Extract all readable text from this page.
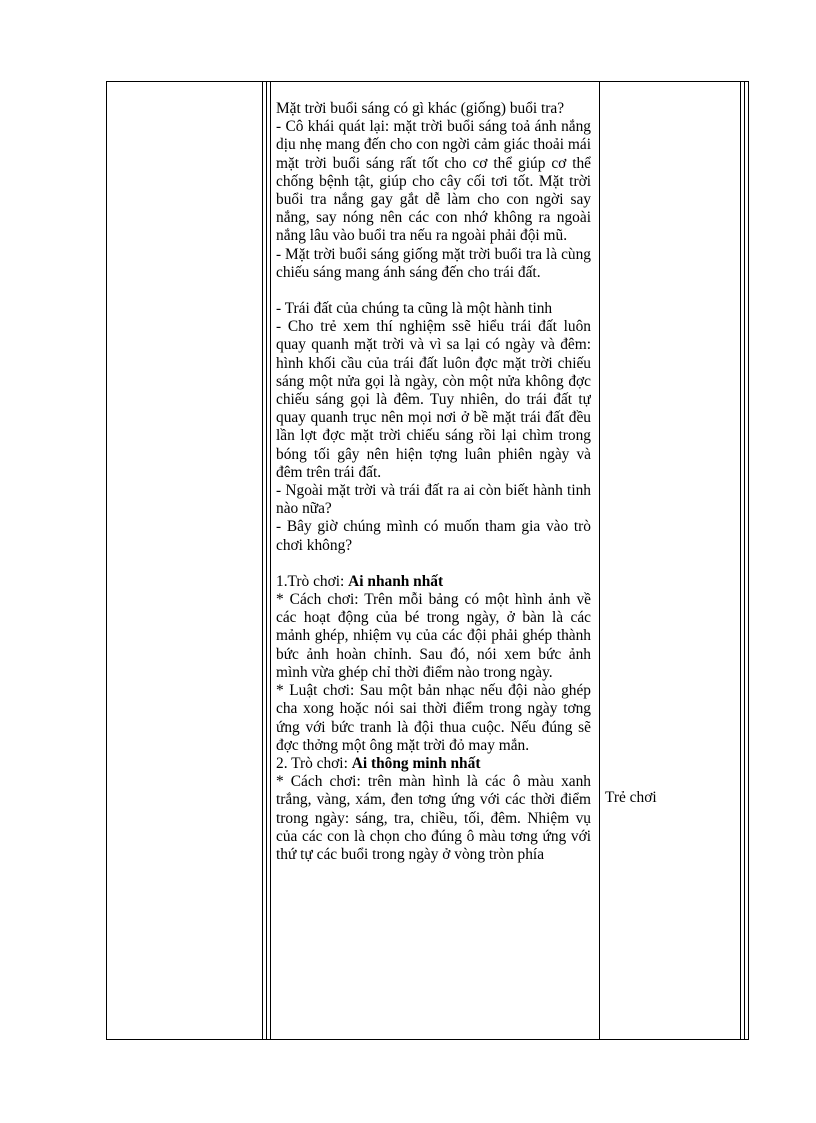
Mặt trời buổi sáng có gì khác (giống) buổi tra?

- Cô khái quát lại: mặt trời buổi sáng toả ánh nắng dịu nhẹ mang đến cho con ngời cảm giác thoải mái mặt trời buổi sáng rất tốt cho cơ thể giúp cơ thể chống bệnh tật, giúp cho cây cối tơi tốt. Mặt trời buổi tra nắng gay gắt dễ làm cho con ngời say nắng, say nóng nên các con nhớ không ra ngoài nắng lâu vào buổi tra nếu ra ngoài phải đội mũ.

- Mặt trời buổi sáng giống mặt trời buổi tra là cùng chiếu sáng mang ánh sáng đến cho trái đất.

- Trái đất của chúng ta cũng là một hành tinh

- Cho trẻ xem thí nghiệm ssẽ hiểu trái đất luôn quay quanh mặt trời và vì sa lại có ngày và đêm: hình khối cầu của trái đất luôn đợc mặt trời chiếu sáng một nửa gọi là ngày, còn một nửa không đợc chiếu sáng gọi là đêm. Tuy nhiên, do trái đất tự quay quanh trục nên mọi nơi ở bề mặt trái đất đều lần lợt đợc mặt trời chiếu sáng rồi lại chìm trong bóng tối gây nên hiện tợng luân phiên ngày và đêm trên trái đất.

- Ngoài mặt trời và trái đất ra ai còn biết hành tinh nào nữa?

- Bây giờ chúng mình có muốn tham gia vào trò chơi không?

1.Trò chơi: Ai nhanh nhất

* Cách chơi: Trên mỗi bảng có một hình ảnh về các hoạt động của bé trong ngày, ở bàn là các mảnh ghép, nhiệm vụ của các đội phải ghép thành bức ảnh hoàn chỉnh. Sau đó, nói xem bức ảnh mình vừa ghép chỉ thời điểm nào trong ngày.

* Luật chơi: Sau một bản nhạc nếu đội nào ghép cha xong hoặc nói sai thời điểm trong ngày tơng ứng với bức tranh là đội thua cuộc. Nếu đúng sẽ đợc thởng một ông mặt trời đỏ may mắn.

2. Trò chơi: Ai thông minh nhất

* Cách chơi: trên màn hình là các ô màu xanh trắng, vàng, xám, đen tơng ứng với các thời điểm trong ngày: sáng, tra, chiều, tối, đêm. Nhiệm vụ của các con là chọn cho đúng ô màu tơng ứng với thứ tự các buổi trong ngày ở vòng tròn phía

Trẻ chơi
